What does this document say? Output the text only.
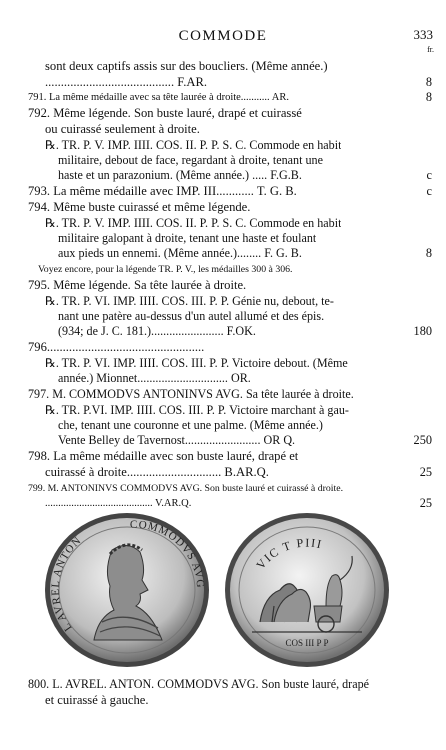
COMMODE	333
fr.
sont deux captifs assis sur des boucliers. (Même année.)
......................................... F.AR.
791. La même médaille avec sa tête laurée à droite........... AR.
792. Même légende. Son buste lauré, drapé et cuirassé
ou cuirassé seulement à droite.
℞. TR. P. V. IMP. IIII. COS. II. P. P. S. C. Commode en habit
militaire, debout de face, regardant à droite, tenant une
haste et un parazonium. (Même année.) ..... F.G.B.
793. La même médaille avec IMP. III............ T. G. B.
794. Même buste cuirassé et même légende.
℞. TR. P. V. IMP. IIII. COS. II. P. P. S. C. Commode en habit
militaire galopant à droite, tenant une haste et foulant
aux pieds un ennemi. (Même année.)........ F. G. B.
Voyez encore, pour la légende TR. P. V., les médailles 300 à 306.
795. Même légende. Sa tête laurée à droite.
℞. TR. P. VI. IMP. IIII. COS. III. P. P. Génie nu, debout, te-
nant une patère au-dessus d'un autel allumé et des épis.
(934; de J. C. 181.)........................ F.OK.
796..................................................
℞. TR. P. VI. IMP. IIII. COS. III. P. P. Victoire debout. (Même
année.) Mionnet.............................. OR.
797. M. COMMODVS ANTONINVS AVG. Sa tête laurée à droite.
℞. TR. P.VI. IMP. IIII. COS. III. P. P. Victoire marchant à gau-
che, tenant une couronne et une palme. (Même année.)
Vente Belley de Tavernost......................... OR Q.
798. La même médaille avec son buste lauré, drapé et
cuirassé à droite.............................. B.AR.Q.
799. M. ANTONINVS COMMODVS AVG. Son buste lauré et cuirassé à droite.
......................................... V.AR.Q.
800. L. AVREL. ANTON. COMMODVS AVG. Son buste lauré, drapé
et cuirassé à gauche.
8
8
c
c
8
180
250
25
25
L AVREL ANTON
COMMODVS AVG
VIC T PIII
COS III P P
